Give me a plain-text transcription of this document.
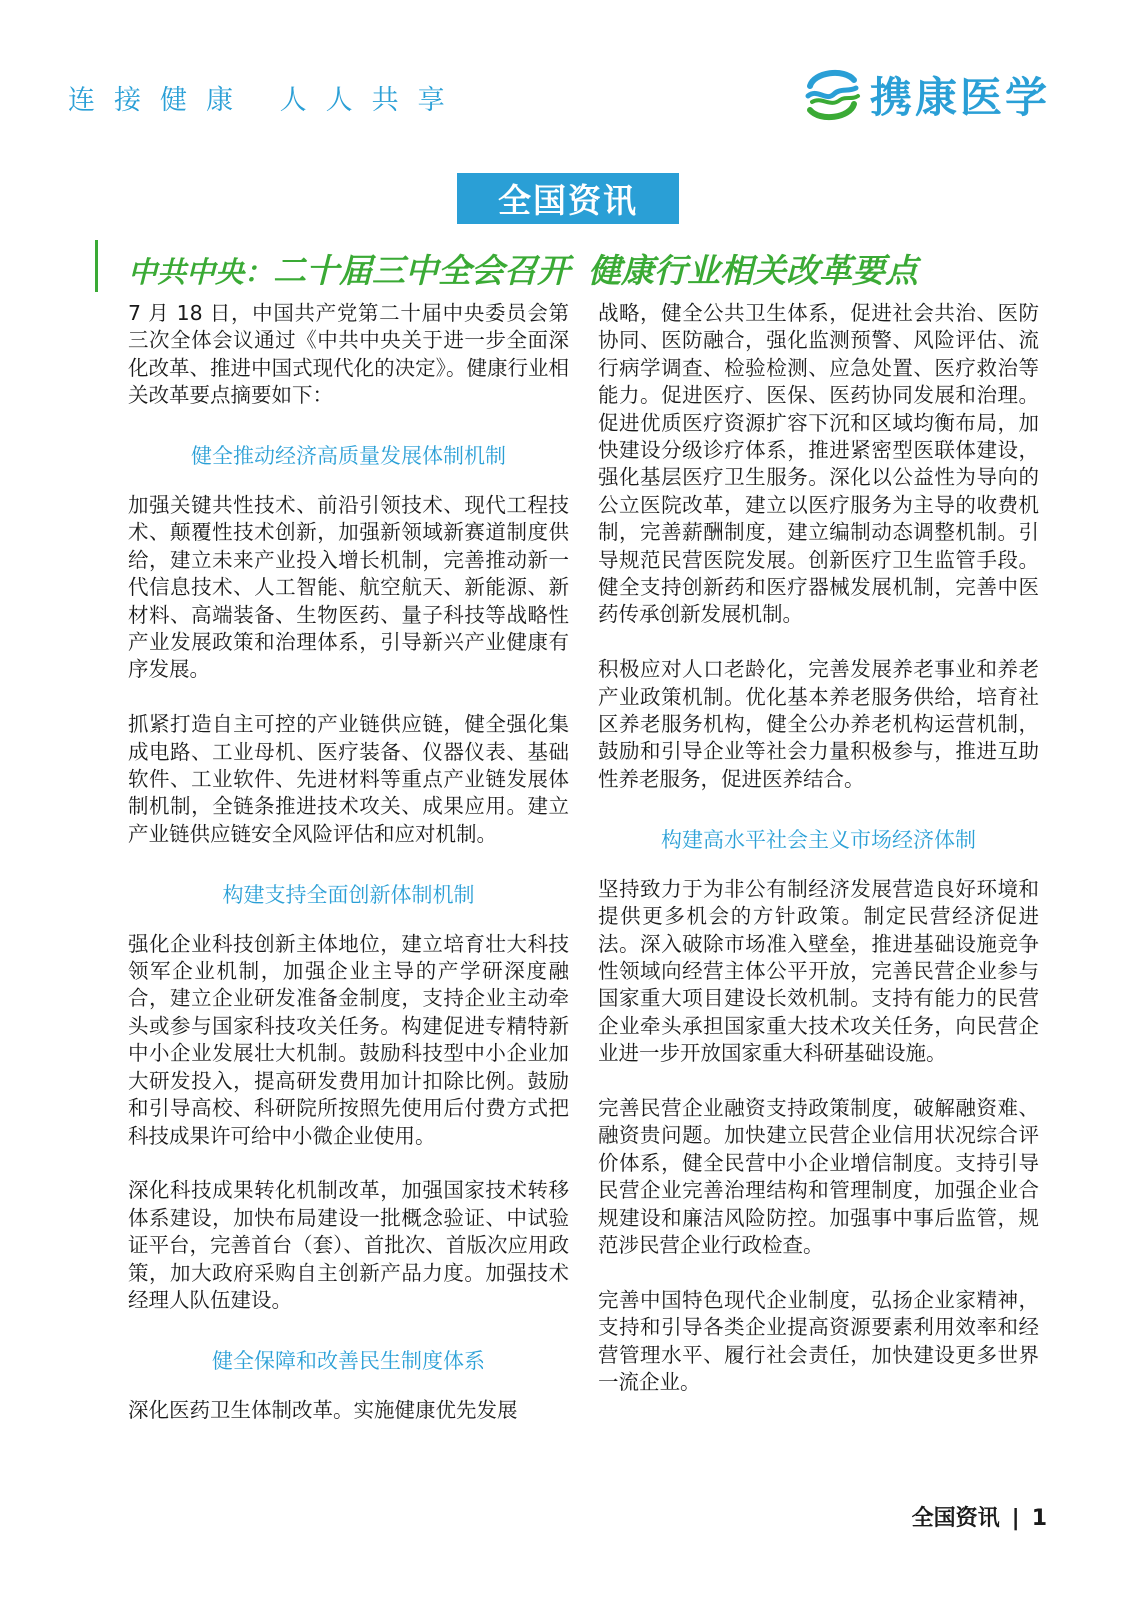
连接健康 人人共享	携康医学
全国资讯
中共中央：二十届三中全会召开 健康行业相关改革要点

7 月 18 日，中国共产党第二十届中央委员会第三次全体会议通过《中共中央关于进一步全面深化改革、推进中国式现代化的决定》。健康行业相关改革要点摘要如下：

健全推动经济高质量发展体制机制

加强关键共性技术、前沿引领技术、现代工程技术、颠覆性技术创新，加强新领域新赛道制度供给，建立未来产业投入增长机制，完善推动新一代信息技术、人工智能、航空航天、新能源、新材料、高端装备、生物医药、量子科技等战略性产业发展政策和治理体系，引导新兴产业健康有序发展。

抓紧打造自主可控的产业链供应链，健全强化集成电路、工业母机、医疗装备、仪器仪表、基础软件、工业软件、先进材料等重点产业链发展体制机制，全链条推进技术攻关、成果应用。建立产业链供应链安全风险评估和应对机制。

构建支持全面创新体制机制

强化企业科技创新主体地位，建立培育壮大科技领军企业机制，加强企业主导的产学研深度融合，建立企业研发准备金制度，支持企业主动牵头或参与国家科技攻关任务。构建促进专精特新中小企业发展壮大机制。鼓励科技型中小企业加大研发投入，提高研发费用加计扣除比例。鼓励和引导高校、科研院所按照先使用后付费方式把科技成果许可给中小微企业使用。

深化科技成果转化机制改革，加强国家技术转移体系建设，加快布局建设一批概念验证、中试验证平台，完善首台（套）、首批次、首版次应用政策，加大政府采购自主创新产品力度。加强技术经理人队伍建设。

健全保障和改善民生制度体系

深化医药卫生体制改革。实施健康优先发展

战略，健全公共卫生体系，促进社会共治、医防协同、医防融合，强化监测预警、风险评估、流行病学调查、检验检测、应急处置、医疗救治等能力。促进医疗、医保、医药协同发展和治理。促进优质医疗资源扩容下沉和区域均衡布局，加快建设分级诊疗体系，推进紧密型医联体建设，强化基层医疗卫生服务。深化以公益性为导向的公立医院改革，建立以医疗服务为主导的收费机制，完善薪酬制度，建立编制动态调整机制。引导规范民营医院发展。创新医疗卫生监管手段。健全支持创新药和医疗器械发展机制，完善中医药传承创新发展机制。

积极应对人口老龄化，完善发展养老事业和养老产业政策机制。优化基本养老服务供给，培育社区养老服务机构，健全公办养老机构运营机制，鼓励和引导企业等社会力量积极参与，推进互助性养老服务，促进医养结合。

构建高水平社会主义市场经济体制

坚持致力于为非公有制经济发展营造良好环境和提供更多机会的方针政策。制定民营经济促进法。深入破除市场准入壁垒，推进基础设施竞争性领域向经营主体公平开放，完善民营企业参与国家重大项目建设长效机制。支持有能力的民营企业牵头承担国家重大技术攻关任务，向民营企业进一步开放国家重大科研基础设施。

完善民营企业融资支持政策制度，破解融资难、融资贵问题。加快建立民营企业信用状况综合评价体系，健全民营中小企业增信制度。支持引导民营企业完善治理结构和管理制度，加强企业合规建设和廉洁风险防控。加强事中事后监管，规范涉民营企业行政检查。

完善中国特色现代企业制度，弘扬企业家精神，支持和引导各类企业提高资源要素利用效率和经营管理水平、履行社会责任，加快建设更多世界一流企业。

全国资讯 | 1
